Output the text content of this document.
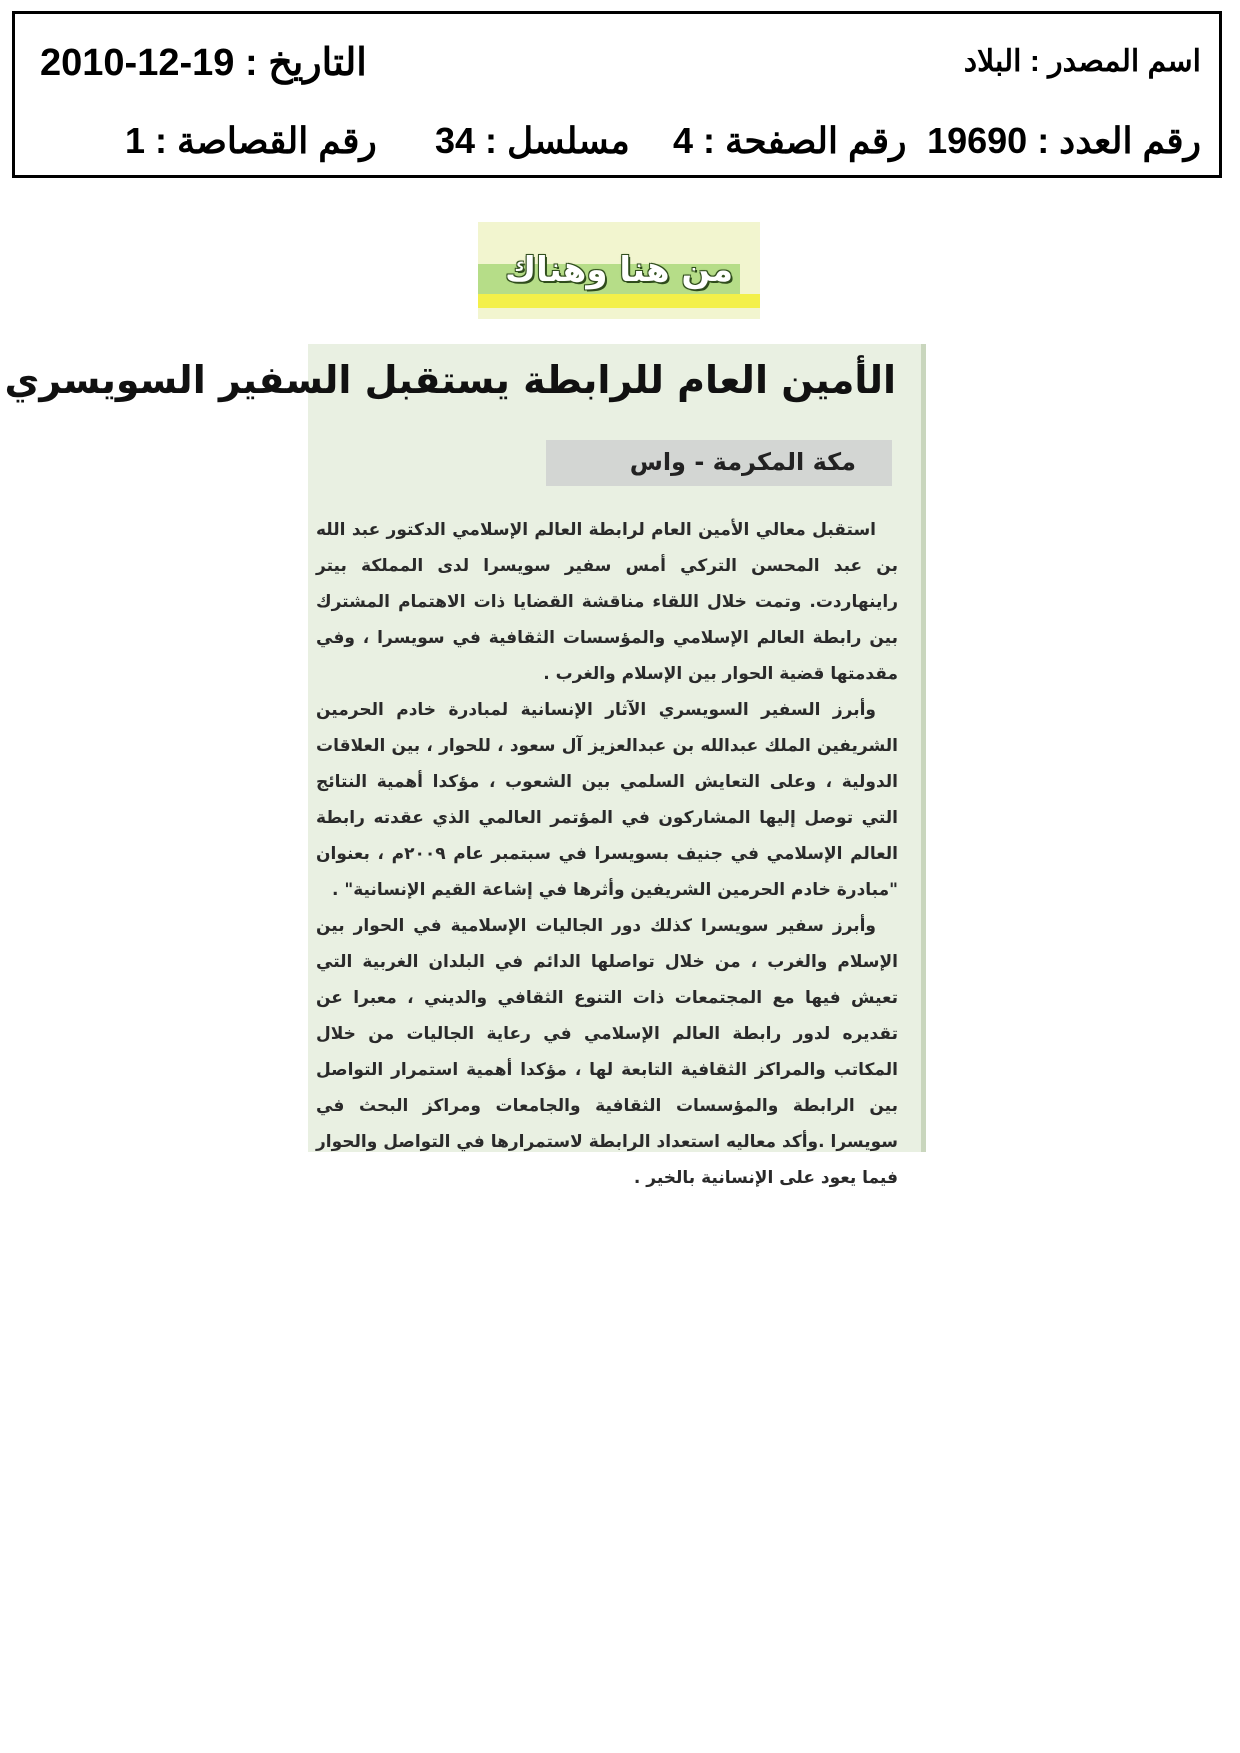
اسم المصدر : البلاد
التاريخ : 19-12-2010
رقم العدد : 19690
رقم الصفحة : 4
مسلسل : 34
رقم القصاصة : 1
من هنا وهناك
الأمين العام للرابطة يستقبل السفير السويسري
مكة المكرمة - واس

استقبل معالي الأمين العام لرابطة العالم الإسلامي الدكتور عبد الله بن عبد المحسن التركي أمس سفير سويسرا لدى المملكة بيتر راينهاردت. وتمت خلال اللقاء مناقشة القضايا ذات الاهتمام المشترك بين رابطة العالم الإسلامي والمؤسسات الثقافية في سويسرا ، وفي مقدمتها قضية الحوار بين الإسلام والغرب .

وأبرز السفير السويسري الآثار الإنسانية لمبادرة خادم الحرمين الشريفين الملك عبدالله بن عبدالعزيز آل سعود ، للحوار ، بين العلاقات الدولية ، وعلى التعايش السلمي بين الشعوب ، مؤكدا أهمية النتائج التي توصل إليها المشاركون في المؤتمر العالمي الذي عقدته رابطة العالم الإسلامي في جنيف بسويسرا في سبتمبر عام ٢٠٠٩م ، بعنوان "مبادرة خادم الحرمين الشريفين وأثرها في إشاعة القيم الإنسانية" .

وأبرز سفير سويسرا كذلك دور الجاليات الإسلامية في الحوار بين الإسلام والغرب ، من خلال تواصلها الدائم في البلدان الغربية التي تعيش فيها مع المجتمعات ذات التنوع الثقافي والديني ، معبرا عن تقديره لدور رابطة العالم الإسلامي في رعاية الجاليات من خلال المكاتب والمراكز الثقافية التابعة لها ، مؤكدا أهمية استمرار التواصل بين الرابطة والمؤسسات الثقافية والجامعات ومراكز البحث في سويسرا .وأكد معاليه استعداد الرابطة لاستمرارها في التواصل والحوار فيما يعود على الإنسانية بالخير .
